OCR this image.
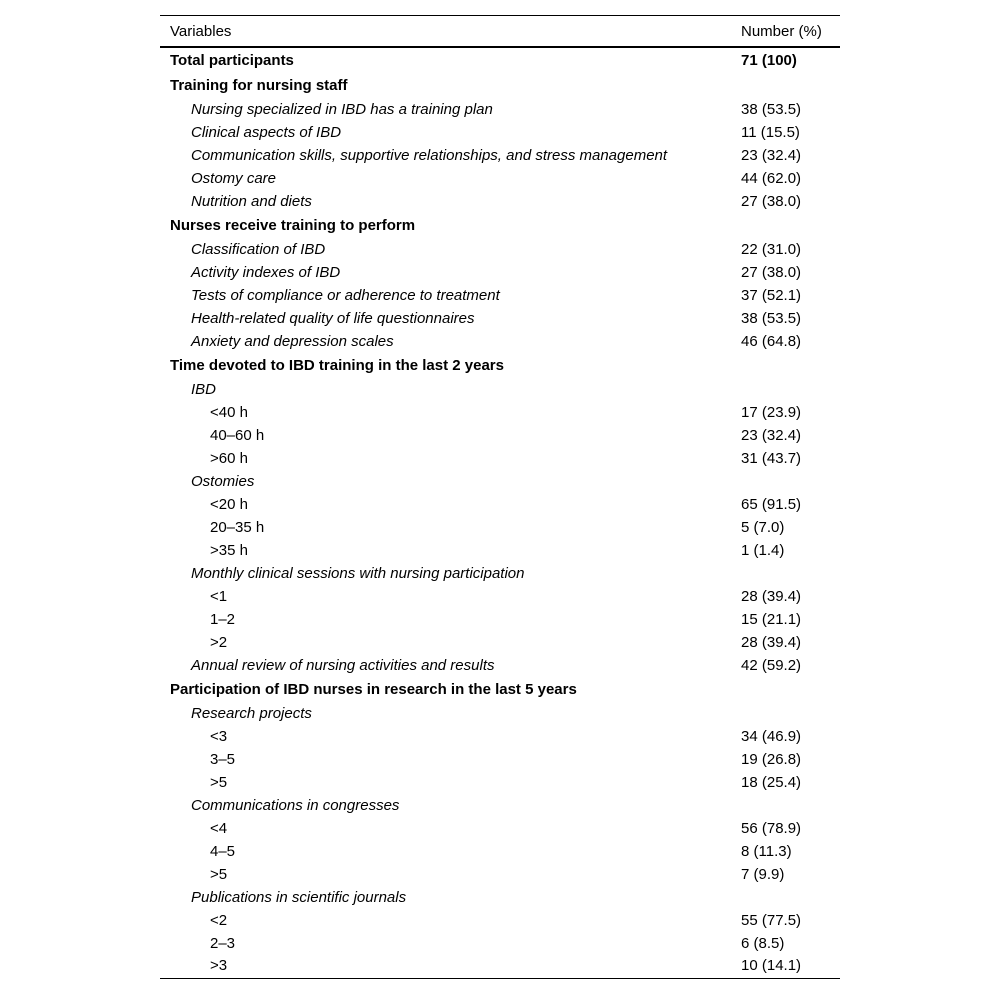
Variables	Number (%)
Total participants	71 (100)
Training for nursing staff	
Nursing specialized in IBD has a training plan	38 (53.5)
Clinical aspects of IBD	11 (15.5)
Communication skills, supportive relationships, and stress management	23 (32.4)
Ostomy care	44 (62.0)
Nutrition and diets	27 (38.0)
Nurses receive training to perform	
Classification of IBD	22 (31.0)
Activity indexes of IBD	27 (38.0)
Tests of compliance or adherence to treatment	37 (52.1)
Health-related quality of life questionnaires	38 (53.5)
Anxiety and depression scales	46 (64.8)
Time devoted to IBD training in the last 2 years	
IBD	
<40 h	17 (23.9)
40–60 h	23 (32.4)
>60 h	31 (43.7)
Ostomies	
<20 h	65 (91.5)
20–35 h	5 (7.0)
>35 h	1 (1.4)
Monthly clinical sessions with nursing participation	
<1	28 (39.4)
1–2	15 (21.1)
>2	28 (39.4)
Annual review of nursing activities and results	42 (59.2)
Participation of IBD nurses in research in the last 5 years	
Research projects	
<3	34 (46.9)
3–5	19 (26.8)
>5	18 (25.4)
Communications in congresses	
<4	56 (78.9)
4–5	8 (11.3)
>5	7 (9.9)
Publications in scientific journals	
<2	55 (77.5)
2–3	6 (8.5)
>3	10 (14.1)
